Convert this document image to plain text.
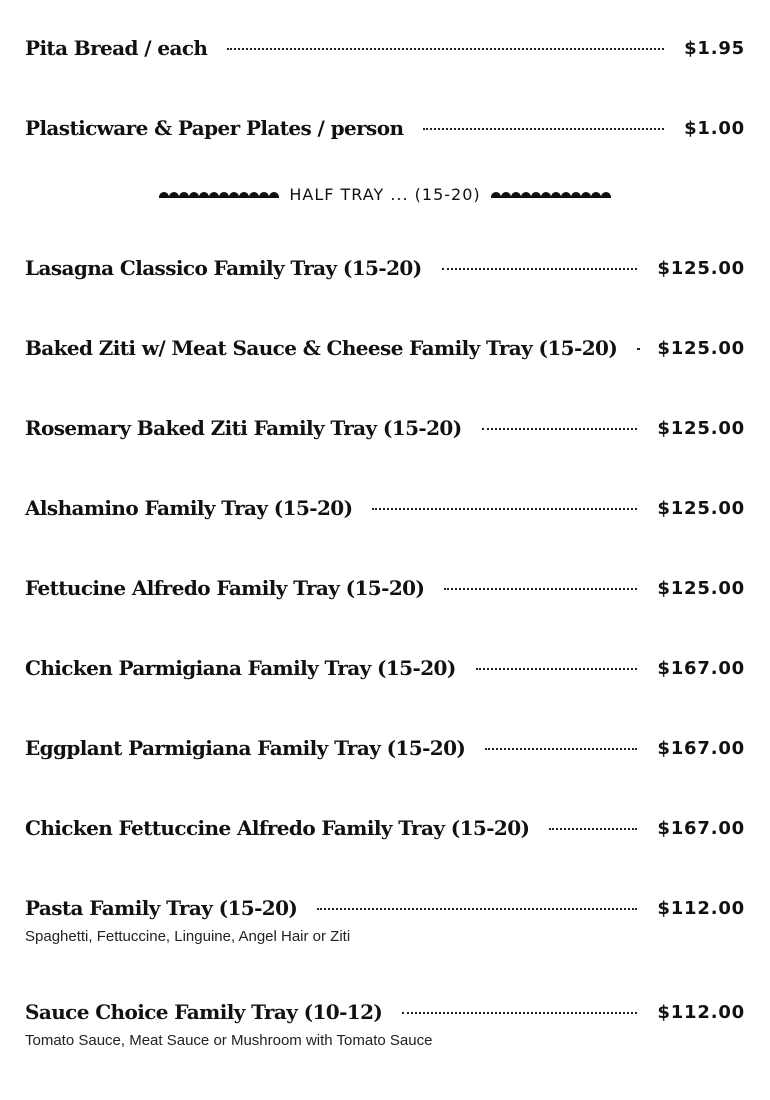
Pita Bread / each	$1.95
Plasticware & Paper Plates / person	$1.00
HALF TRAY ... (15-20)
Lasagna Classico Family Tray (15-20)	$125.00
Baked Ziti w/ Meat Sauce & Cheese Family Tray (15-20) $125.00
Rosemary Baked Ziti Family Tray (15-20)	$125.00
Alshamino Family Tray (15-20)	$125.00
Fettucine Alfredo Family Tray (15-20)	$125.00
Chicken Parmigiana Family Tray (15-20)	$167.00
Eggplant Parmigiana Family Tray (15-20)	$167.00
Chicken Fettuccine Alfredo Family Tray (15-20)	$167.00
Pasta Family Tray (15-20)	$112.00
Spaghetti, Fettuccine, Linguine, Angel Hair or Ziti
Sauce Choice Family Tray (10-12)	$112.00
Tomato Sauce, Meat Sauce or Mushroom with Tomato Sauce
